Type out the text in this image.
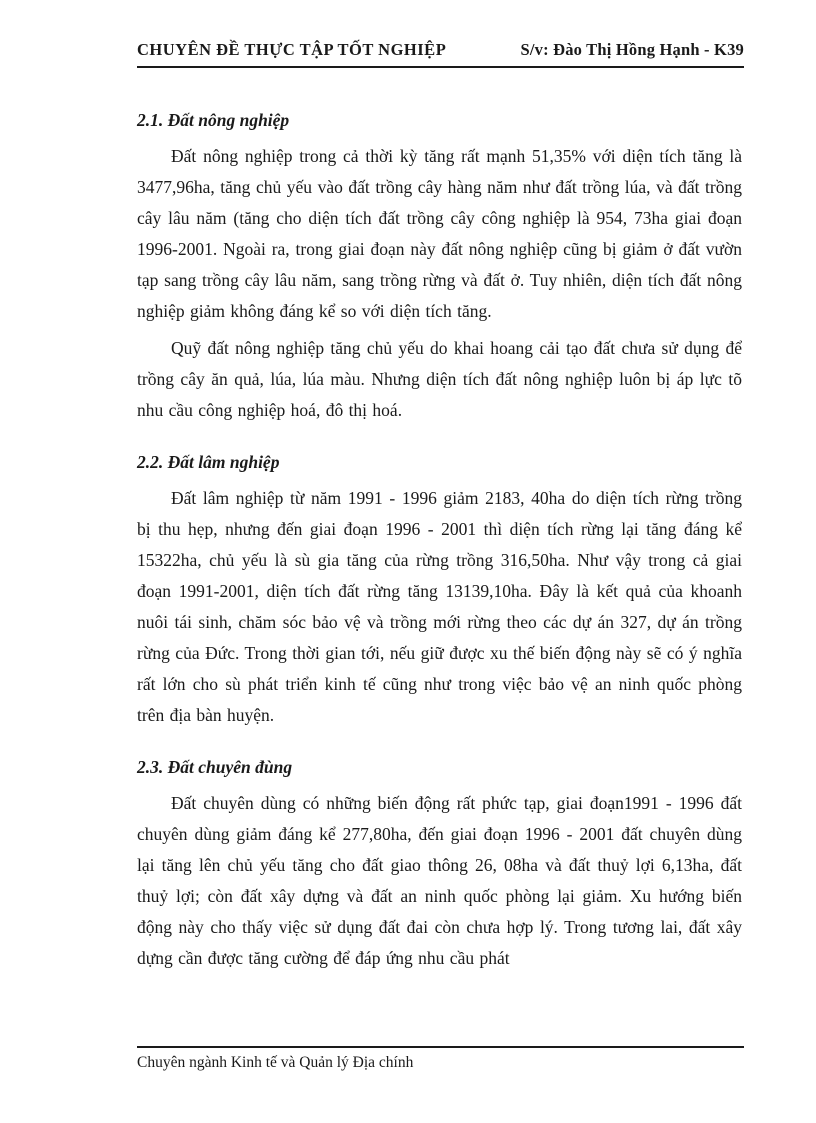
CHUYÊN ĐỀ THỰC TẬP TỐT NGHIỆP	S/v: Đào Thị Hồng Hạnh - K39
2.1. Đất nông nghiệp

Đất nông nghiệp trong cả thời kỳ tăng rất mạnh 51,35% với diện tích tăng là 3477,96ha, tăng chủ yếu vào đất trồng cây hàng năm như đất trồng lúa, và đất trồng cây lâu năm (tăng cho diện tích đất trồng cây công nghiệp là 954, 73ha giai đoạn 1996-2001. Ngoài ra, trong giai đoạn này đất nông nghiệp cũng bị giảm ở đất vườn tạp sang trồng cây lâu năm, sang trồng rừng và đất ở. Tuy nhiên, diện tích đất nông nghiệp giảm không đáng kể so với diện tích tăng.

Quỹ đất nông nghiệp tăng chủ yếu do khai hoang cải tạo đất chưa sử dụng để trồng cây ăn quả, lúa, lúa màu. Nhưng diện tích đất nông nghiệp luôn bị áp lực tõ nhu cầu công nghiệp hoá, đô thị hoá.

2.2. Đất lâm nghiệp

Đất lâm nghiệp từ năm 1991 - 1996 giảm 2183, 40ha do diện tích rừng trồng bị thu hẹp, nhưng đến giai đoạn 1996 - 2001 thì diện tích rừng lại tăng đáng kể 15322ha, chủ yếu là sù gia tăng của rừng trồng 316,50ha. Như vậy trong cả giai đoạn 1991-2001, diện tích đất rừng tăng 13139,10ha. Đây là kết quả của khoanh nuôi tái sinh, chăm sóc bảo vệ và trồng mới rừng theo các dự án 327, dự án trồng rừng của Đức. Trong thời gian tới, nếu giữ được xu thế biến động này sẽ có ý nghĩa rất lớn cho sù phát triển kinh tế cũng như trong việc bảo vệ an ninh quốc phòng trên địa bàn huyện.

2.3. Đất chuyên đùng

Đất chuyên dùng có những biến động rất phức tạp, giai đoạn1991 - 1996 đất chuyên dùng giảm đáng kể 277,80ha, đến giai đoạn 1996 - 2001 đất chuyên dùng lại tăng lên chủ yếu tăng cho đất giao thông 26, 08ha và đất thuỷ lợi 6,13ha, đất thuỷ lợi; còn đất xây dựng và đất an ninh quốc phòng lại giảm. Xu hướng biến động này cho thấy việc sử dụng đất đai còn chưa hợp lý. Trong tương lai, đất xây dựng cần được tăng cường để đáp ứng nhu cầu phát

Chuyên ngành Kinh tế và Quản lý Địa chính
